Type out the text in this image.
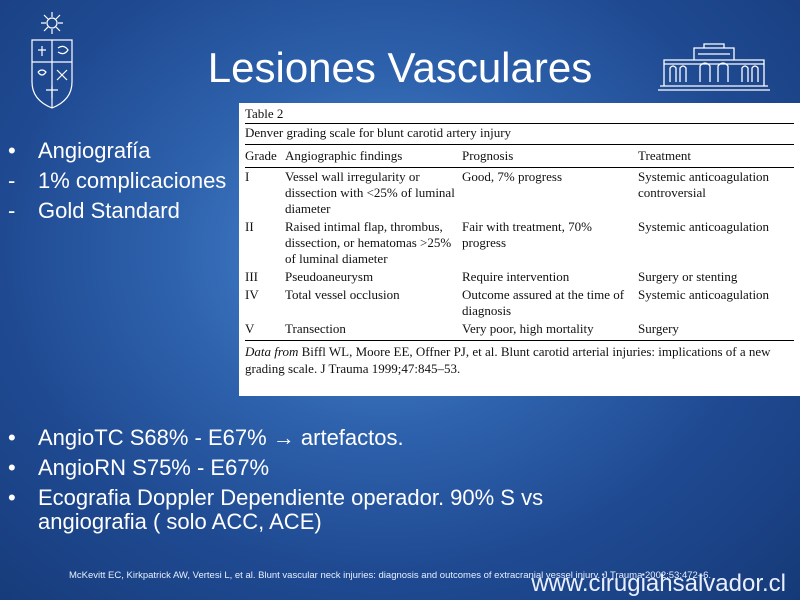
Lesiones Vasculares
•	Angiografía
-	1% complicaciones
-	Gold Standard
Table 2
Denver grading scale for blunt carotid artery injury
Grade	Angiographic findings	Prognosis	Treatment
I	Vessel wall irregularity or dissection with <25% of luminal diameter	Good, 7% progress	Systemic anticoagulation controversial
II	Raised intimal flap, thrombus, dissection, or hematomas >25% of luminal diameter	Fair with treatment, 70% progress	Systemic anticoagulation
III	Pseudoaneurysm	Require intervention	Surgery or stenting
IV	Total vessel occlusion	Outcome assured at the time of diagnosis	Systemic anticoagulation
V	Transection	Very poor, high mortality	Surgery
Data from Biffl WL, Moore EE, Offner PJ, et al. Blunt carotid arterial injuries: implications of a new grading scale. J Trauma 1999;47:845–53.
•	AngioTC S68% - E67% → artefactos.
•	AngioRN S75% - E67%
•	Ecografia Doppler Dependiente operador. 90% S vs angiografia ( solo ACC, ACE)
McKevitt EC, Kirkpatrick AW, Vertesi L, et al. Blunt vascular neck injuries: diagnosis and outcomes of extracranial vessel injury. J Trauma 2002;53:472–6.
www.cirugiahsalvador.cl
